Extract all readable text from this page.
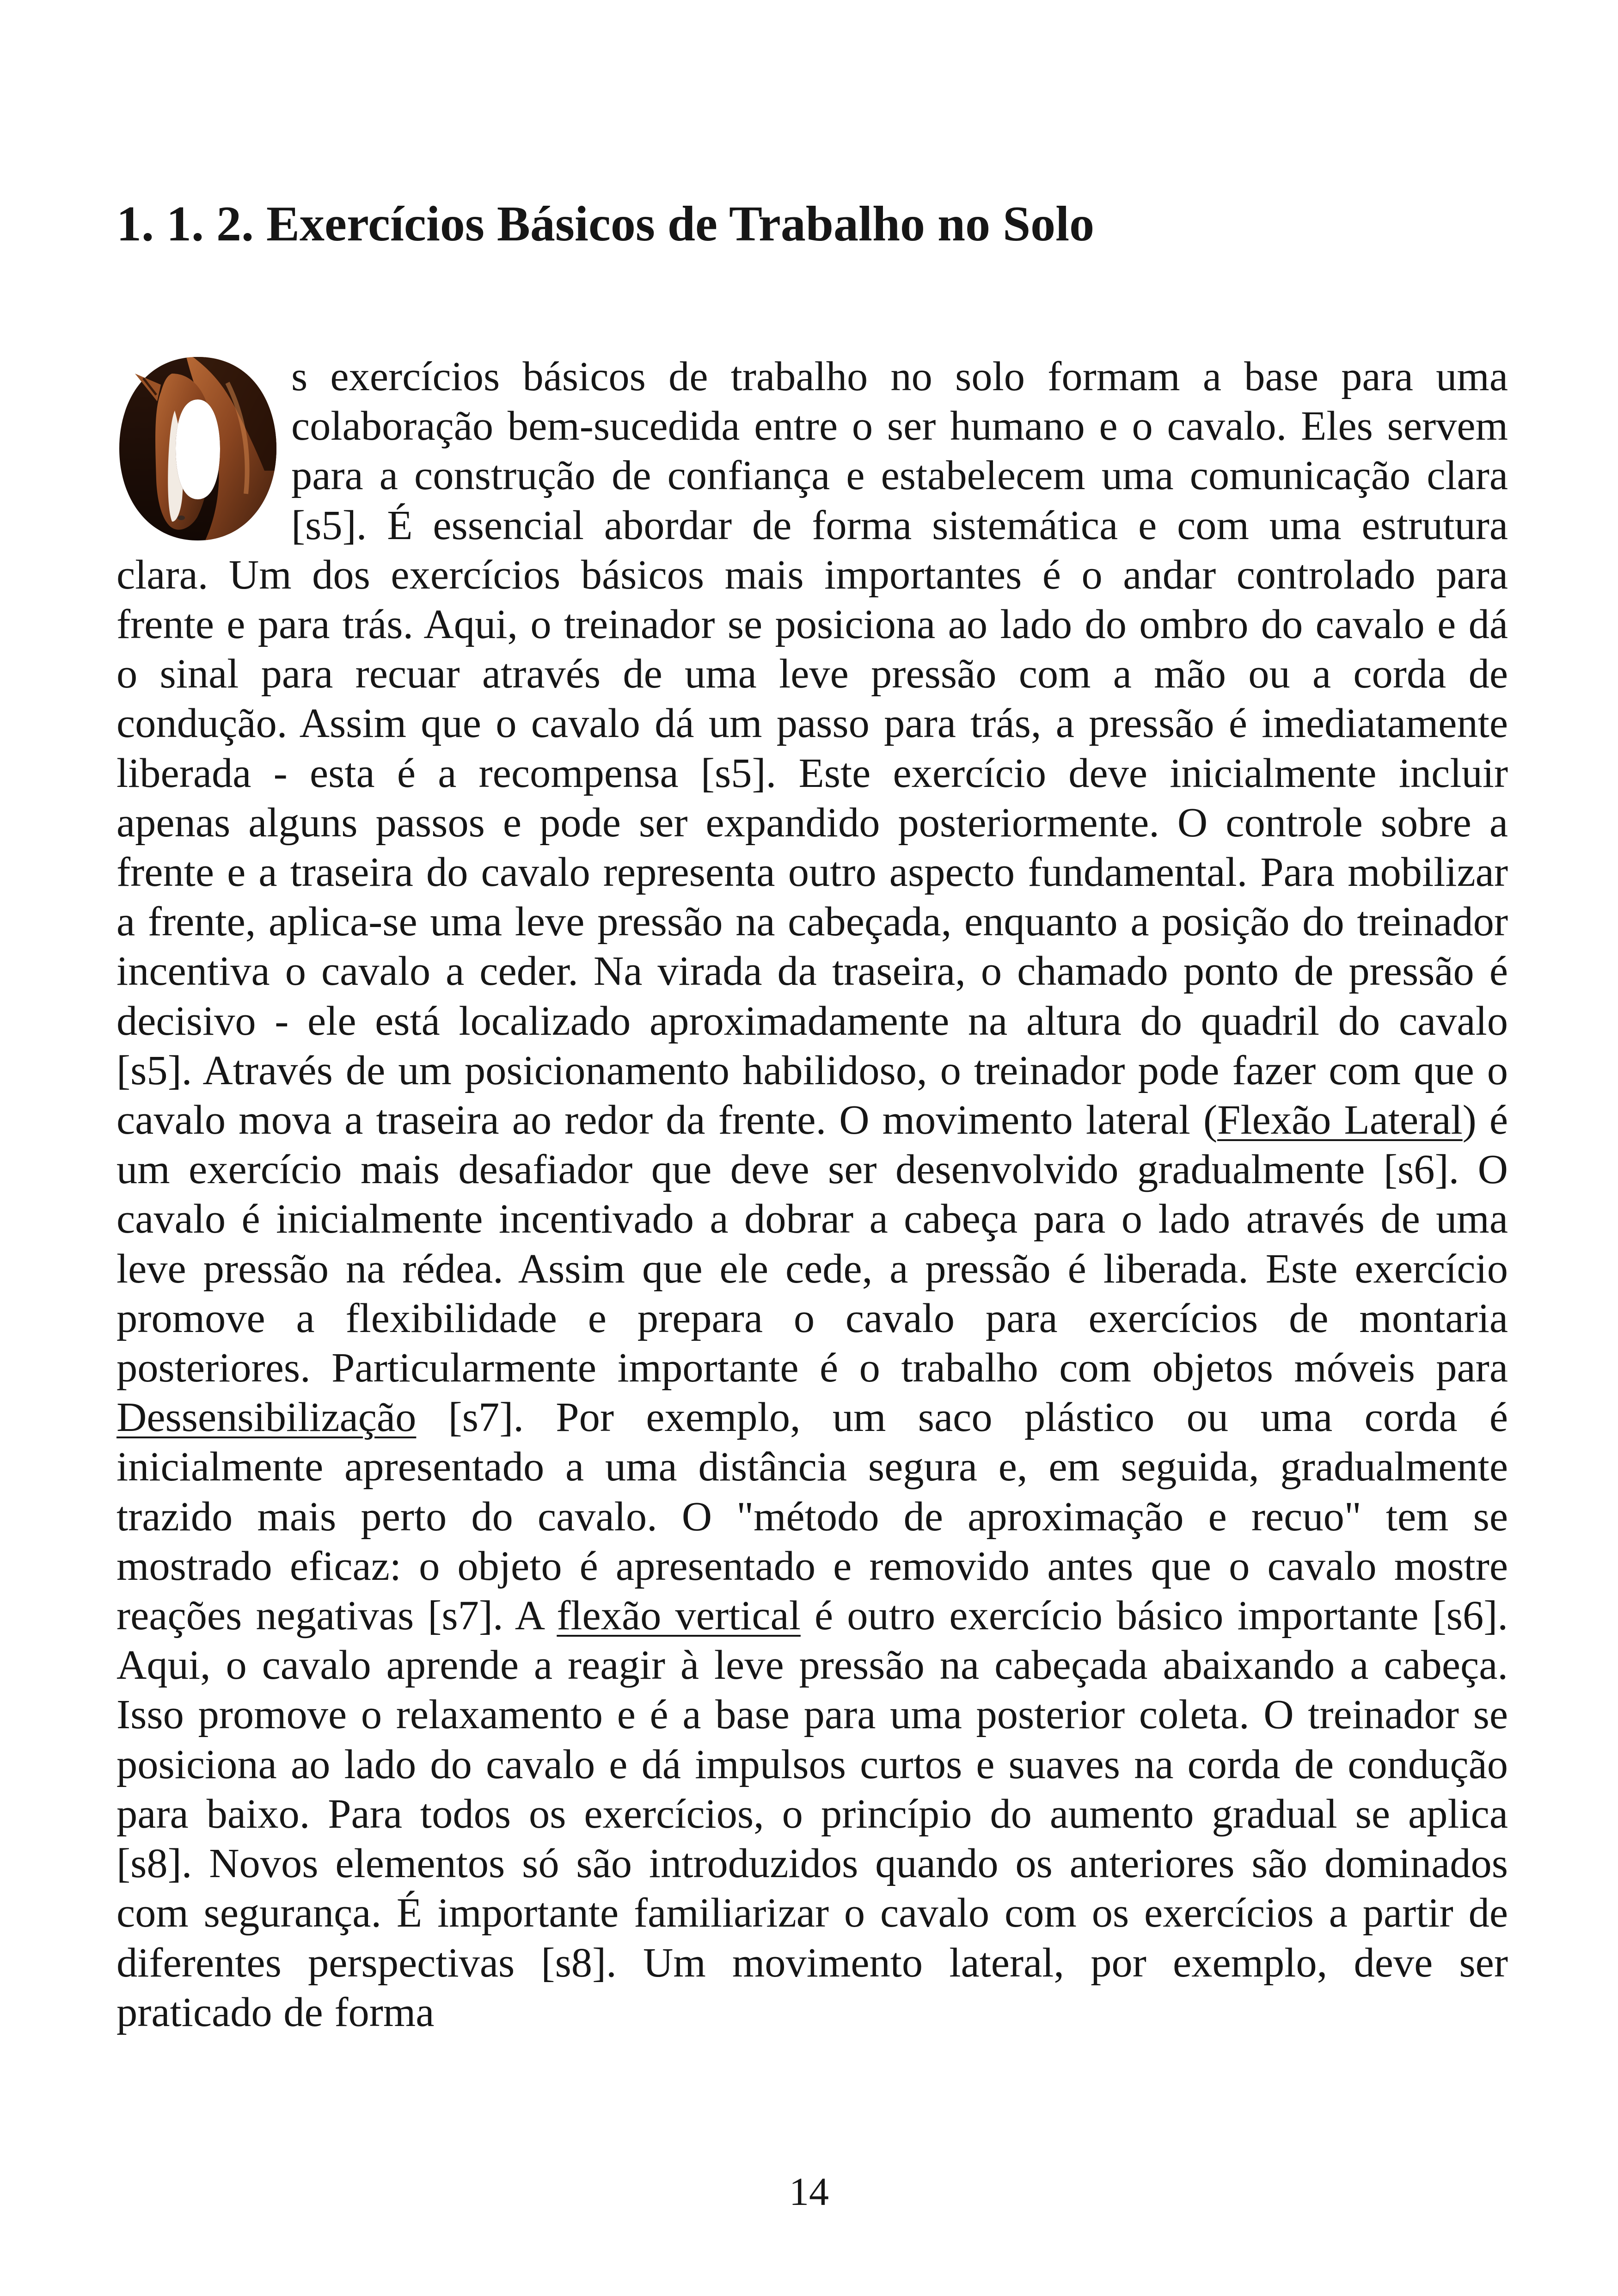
1. 1. 2. Exercícios Básicos de Trabalho no Solo

s exercícios básicos de trabalho no solo formam a base para uma colaboração bem-sucedida entre o ser humano e o cavalo. Eles servem para a construção de confiança e estabelecem uma comunicação clara [s5]. É essencial abordar de forma sistemática e com uma estrutura clara. Um dos exercícios básicos mais importantes é o andar controlado para frente e para trás. Aqui, o treinador se posiciona ao lado do ombro do cavalo e dá o sinal para recuar através de uma leve pressão com a mão ou a corda de condução. Assim que o cavalo dá um passo para trás, a pressão é imediatamente liberada - esta é a recompensa [s5]. Este exercício deve inicialmente incluir apenas alguns passos e pode ser expandido posteriormente. O controle sobre a frente e a traseira do cavalo representa outro aspecto fundamental. Para mobilizar a frente, aplica-se uma leve pressão na cabeçada, enquanto a posição do treinador incentiva o cavalo a ceder. Na virada da traseira, o chamado ponto de pressão é decisivo - ele está localizado aproximadamente na altura do quadril do cavalo [s5]. Através de um posicionamento habilidoso, o treinador pode fazer com que o cavalo mova a traseira ao redor da frente. O movimento lateral (Flexão Lateral) é um exercício mais desafiador que deve ser desenvolvido gradualmente [s6]. O cavalo é inicialmente incentivado a dobrar a cabeça para o lado através de uma leve pressão na rédea. Assim que ele cede, a pressão é liberada. Este exercício promove a flexibilidade e prepara o cavalo para exercícios de montaria posteriores. Particularmente importante é o trabalho com objetos móveis para Dessensibilização [s7]. Por exemplo, um saco plástico ou uma corda é inicialmente apresentado a uma distância segura e, em seguida, gradualmente trazido mais perto do cavalo. O "método de aproximação e recuo" tem se mostrado eficaz: o objeto é apresentado e removido antes que o cavalo mostre reações negativas [s7]. A flexão vertical é outro exercício básico importante [s6]. Aqui, o cavalo aprende a reagir à leve pressão na cabeçada abaixando a cabeça. Isso promove o relaxamento e é a base para uma posterior coleta. O treinador se posiciona ao lado do cavalo e dá impulsos curtos e suaves na corda de condução para baixo. Para todos os exercícios, o princípio do aumento gradual se aplica [s8]. Novos elementos só são introduzidos quando os anteriores são dominados com segurança. É importante familiarizar o cavalo com os exercícios a partir de diferentes perspectivas [s8]. Um movimento lateral, por exemplo, deve ser praticado de forma

14
